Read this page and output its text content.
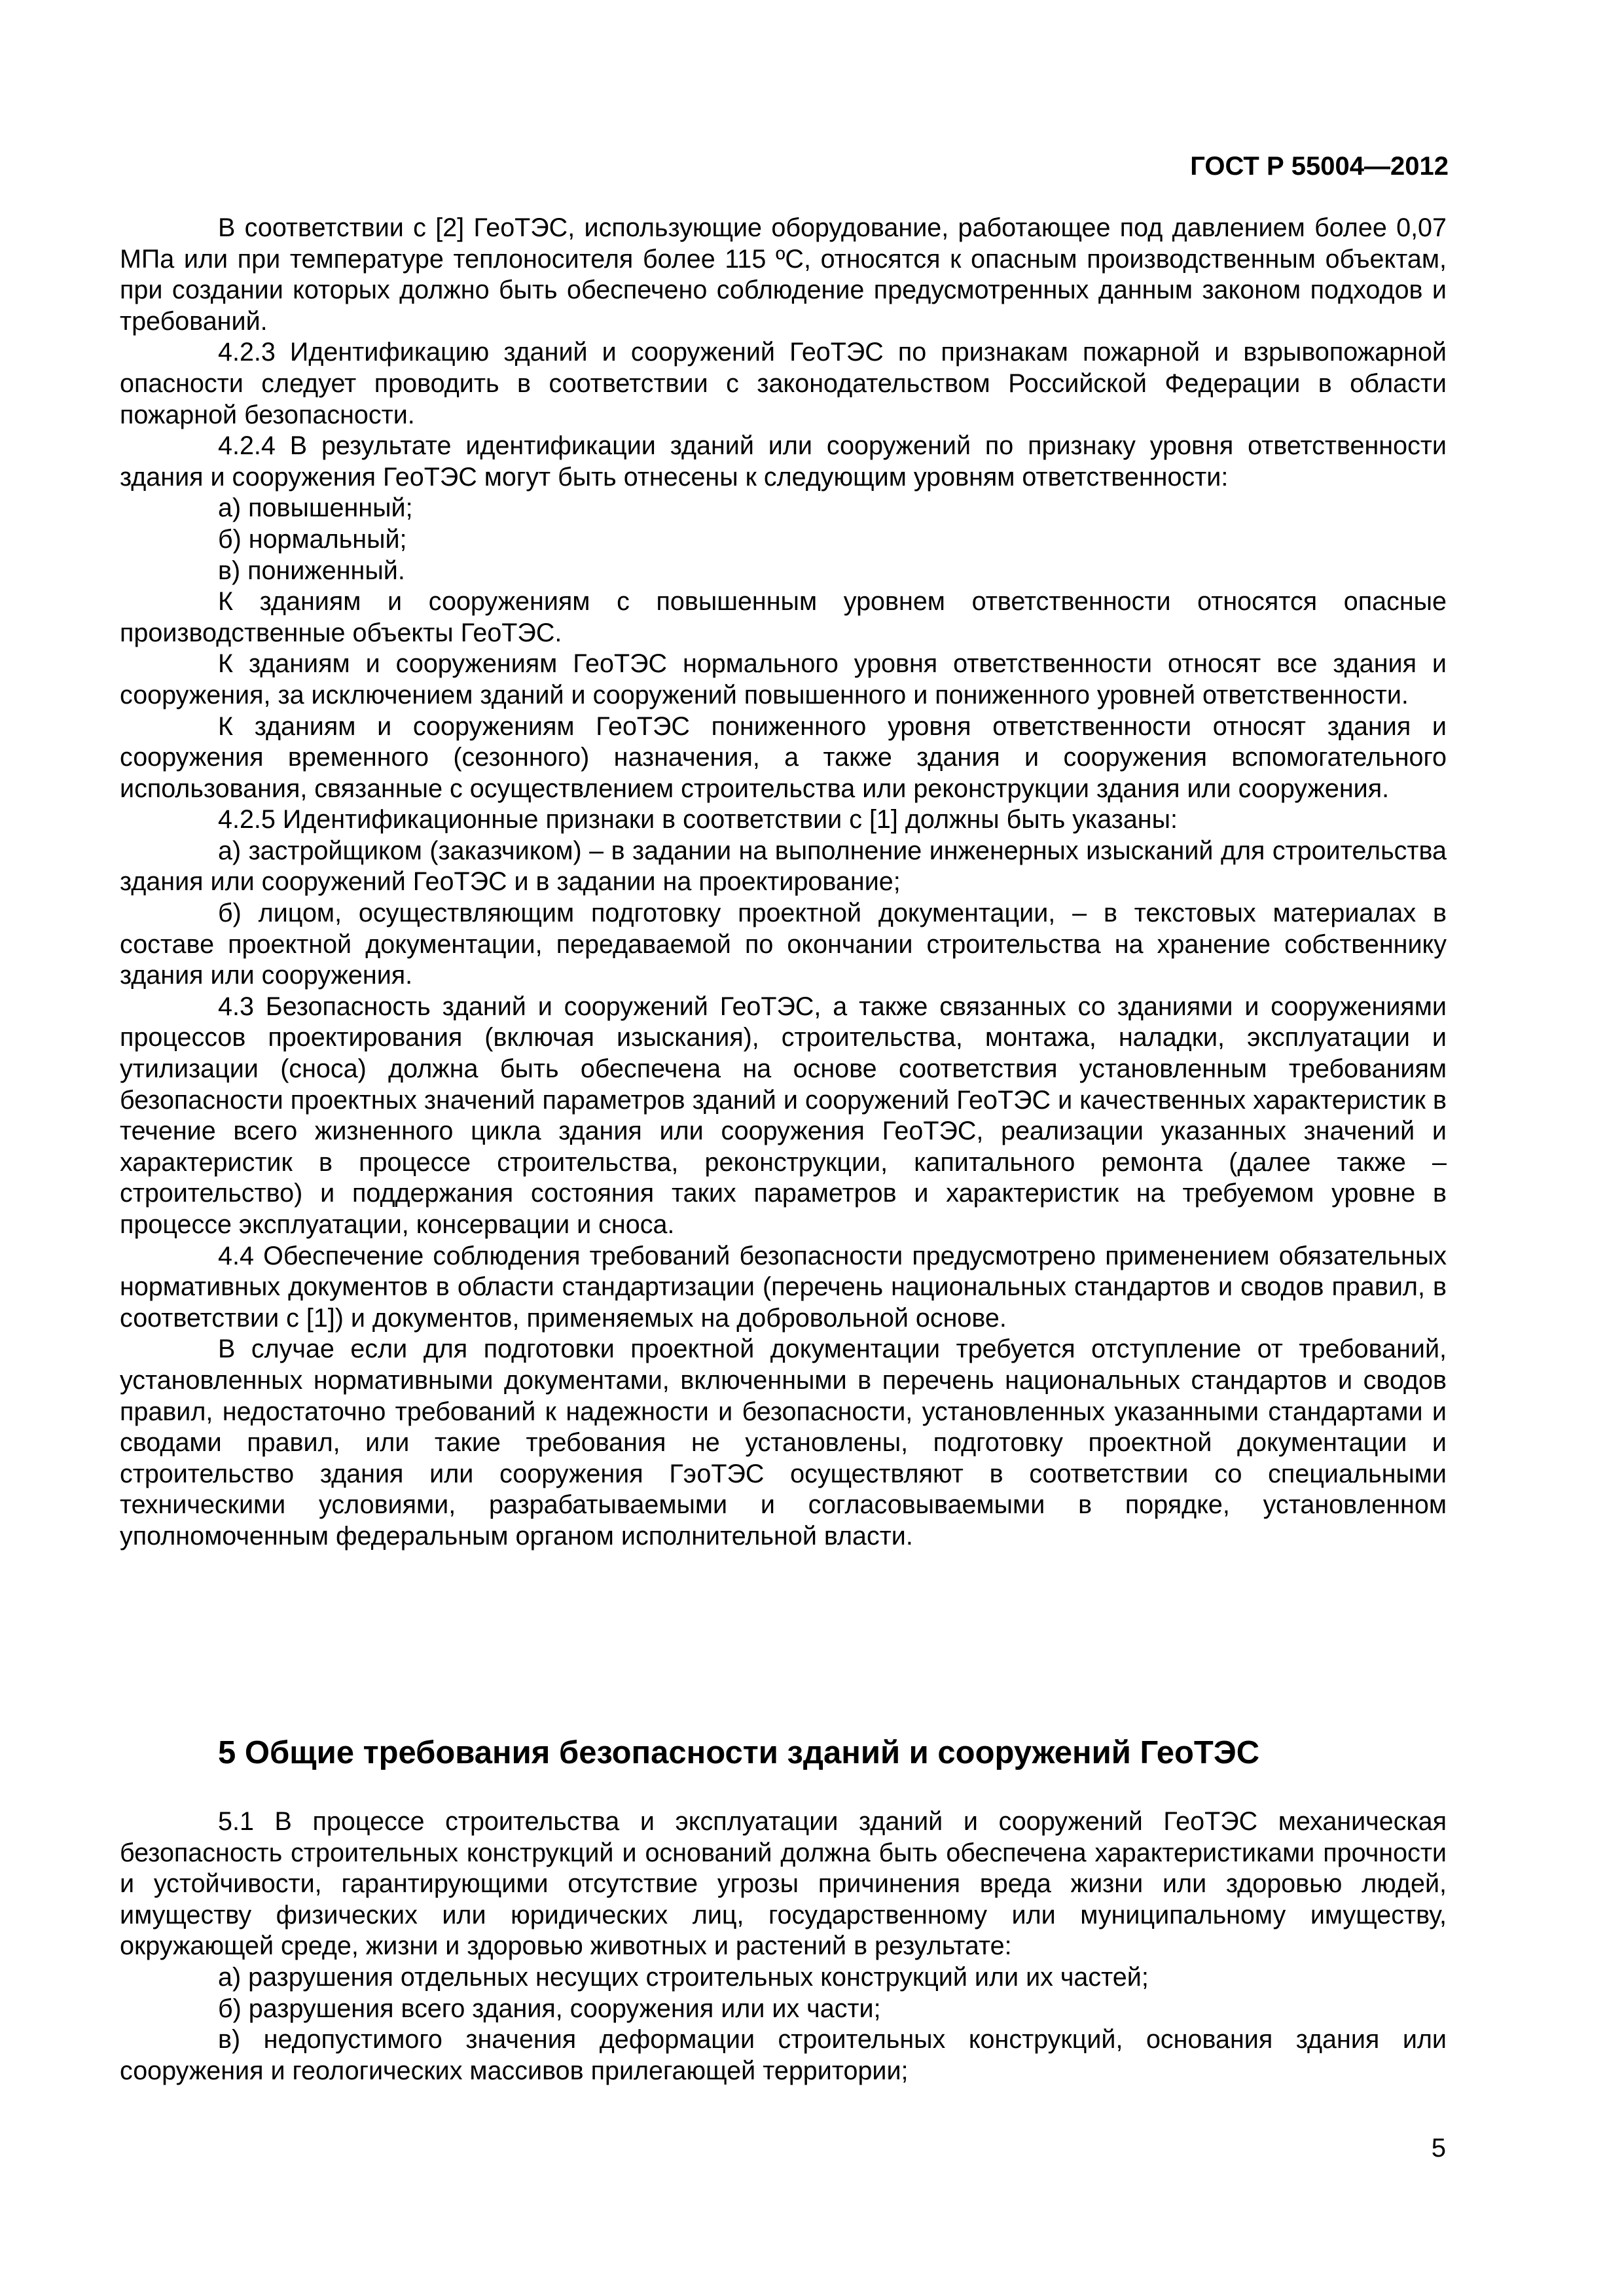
ГОСТ Р 55004—2012

В соответствии с [2] ГеоТЭС, использующие оборудование, работающее под давлением более 0,07 МПа или при температуре теплоносителя более 115 ºС, относятся к опасным производственным объектам, при создании которых должно быть обеспечено соблюдение предусмотренных данным законом подходов и требований.

4.2.3 Идентификацию зданий и сооружений ГеоТЭС по признакам пожарной и взрывопожарной опасности следует проводить в соответствии с законодательством Российской Федерации в области пожарной безопасности.

4.2.4 В результате идентификации зданий или сооружений по признаку уровня ответственности здания и сооружения ГеоТЭС могут быть отнесены к следующим уровням ответственности:

а) повышенный;

б) нормальный;

в) пониженный.

К зданиям и сооружениям с повышенным уровнем ответственности относятся опасные производственные объекты ГеоТЭС.

К зданиям и сооружениям ГеоТЭС нормального уровня ответственности относят все здания и сооружения, за исключением зданий и сооружений повышенного и пониженного уровней ответственности.

К зданиям и сооружениям ГеоТЭС пониженного уровня ответственности относят здания и сооружения временного (сезонного) назначения, а также здания и сооружения вспомогательного использования, связанные с осуществлением строительства или реконструкции здания или сооружения.

4.2.5 Идентификационные признаки в соответствии с [1] должны быть указаны:

а) застройщиком (заказчиком) – в задании на выполнение инженерных изысканий для строительства здания или сооружений ГеоТЭС и в задании на проектирование;

б) лицом, осуществляющим подготовку проектной документации, – в текстовых материалах в составе проектной документации, передаваемой по окончании строительства на хранение собственнику здания или сооружения.

4.3 Безопасность зданий и сооружений ГеоТЭС, а также связанных со зданиями и сооружениями процессов проектирования (включая изыскания), строительства, монтажа, наладки, эксплуатации и утилизации (сноса) должна быть обеспечена на основе соответствия установленным требованиям безопасности проектных значений параметров зданий и сооружений ГеоТЭС и качественных характеристик в течение всего жизненного цикла здания или сооружения ГеоТЭС, реализации указанных значений и характеристик в процессе строительства, реконструкции, капитального ремонта (далее также –строительство) и поддержания состояния таких параметров и характеристик на требуемом уровне в процессе эксплуатации, консервации и сноса.

4.4 Обеспечение соблюдения требований безопасности предусмотрено применением обязательных нормативных документов в области стандартизации (перечень национальных стандартов и сводов правил, в соответствии с [1]) и документов, применяемых на добровольной основе.

В случае если для подготовки проектной документации требуется отступление от требований, установленных нормативными документами, включенными в перечень национальных стандартов и сводов правил, недостаточно требований к надежности и безопасности, установленных указанными стандартами и сводами правил, или такие требования не установлены, подготовку проектной документации и строительство здания или сооружения ГэоТЭС осуществляют в соответствии со специальными техническими условиями, разрабатываемыми и согласовываемыми в порядке, установленном уполномоченным федеральным органом исполнительной власти.

5 Общие требования безопасности зданий и сооружений ГеоТЭС

5.1 В процессе строительства и эксплуатации зданий и сооружений ГеоТЭС механическая безопасность строительных конструкций и оснований должна быть обеспечена характеристиками прочности и устойчивости, гарантирующими отсутствие угрозы причинения вреда жизни или здоровью людей, имуществу физических или юридических лиц, государственному или муниципальному имуществу, окружающей среде, жизни и здоровью животных и растений в результате:

а) разрушения отдельных несущих строительных конструкций или их частей;

б) разрушения всего здания, сооружения или их части;

в) недопустимого значения деформации строительных конструкций, основания здания или сооружения и геологических массивов прилегающей территории;

5
